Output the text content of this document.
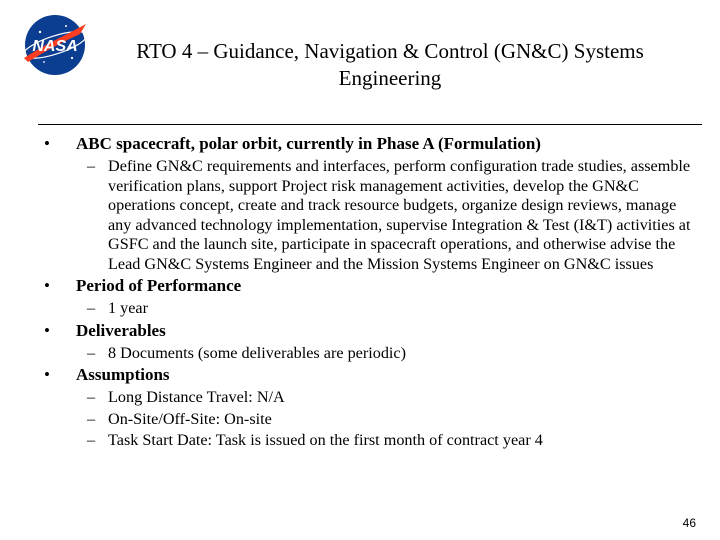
NASA	RTO 4 – Guidance, Navigation & Control (GN&C) Systems
Engineering
• ABC spacecraft, polar orbit, currently in Phase A (Formulation)
– Define GN&C requirements and interfaces, perform configuration trade studies, assemble verification plans, support Project risk management activities, develop the GN&C operations concept, create and track resource budgets, organize design reviews, manage any advanced technology implementation, supervise Integration & Test (I&T) activities at GSFC and the launch site, participate in spacecraft operations, and otherwise advise the Lead GN&C Systems Engineer and the Mission Systems Engineer on GN&C issues
• Period of Performance
– 1 year
• Deliverables
– 8 Documents (some deliverables are periodic)
• Assumptions
– Long Distance Travel: N/A
– On-Site/Off-Site: On-site
– Task Start Date: Task is issued on the first month of contract year 4
46
